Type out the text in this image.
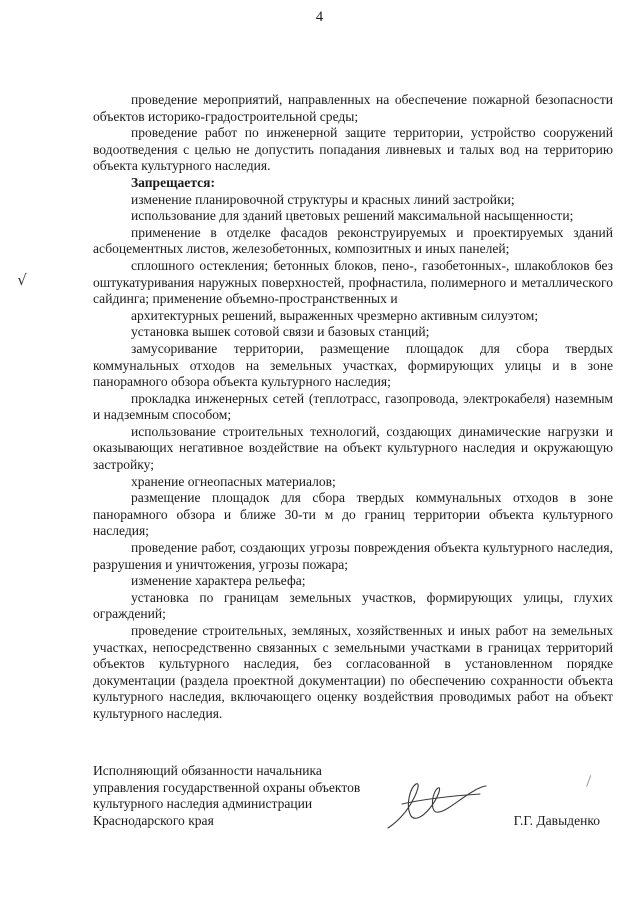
4

проведение мероприятий, направленных на обеспечение пожарной безопасности объектов историко-градостроительной среды;

проведение работ по инженерной защите территории, устройство сооружений водоотведения с целью не допустить попадания ливневых и талых вод на территорию объекта культурного наследия.

Запрещается:

изменение планировочной структуры и красных линий застройки;

использование для зданий цветовых решений максимальной насыщенности;

применение в отделке фасадов реконструируемых и проектируемых зданий асбоцементных листов, железобетонных, композитных и иных панелей;

сплошного остекления; бетонных блоков, пено-, газобетонных-, шлакоблоков без оштукатуривания наружных поверхностей, профнастила, полимерного и металлического сайдинга; применение объемно-пространственных и

архитектурных решений, выраженных чрезмерно активным силуэтом;

установка вышек сотовой связи и базовых станций;

замусоривание территории, размещение площадок для сбора твердых коммунальных отходов на земельных участках, формирующих улицы и в зоне панорамного обзора объекта культурного наследия;

прокладка инженерных сетей (теплотрасс, газопровода, электрокабеля) наземным и надземным способом;

использование строительных технологий, создающих динамические нагрузки и оказывающих негативное воздействие на объект культурного наследия и окружающую застройку;

хранение огнеопасных материалов;

размещение площадок для сбора твердых коммунальных отходов в зоне панорамного обзора и ближе 30-ти м до границ территории объекта культурного наследия;

проведение работ, создающих угрозы повреждения объекта культурного наследия, разрушения и уничтожения, угрозы пожара;

изменение характера рельефа;

установка по границам земельных участков, формирующих улицы, глухих ограждений;

проведение строительных, земляных, хозяйственных и иных работ на земельных участках, непосредственно связанных с земельными участками в границах территорий объектов культурного наследия, без согласованной в установленном порядке документации (раздела проектной документации) по обеспечению сохранности объекта культурного наследия, включающего оценку воздействия проводимых работ на объект культурного наследия.

√
Исполняющий обязанности начальника
управления государственной охраны объектов
культурного наследия администрации
Краснодарского края	Г.Г. Давыденко
